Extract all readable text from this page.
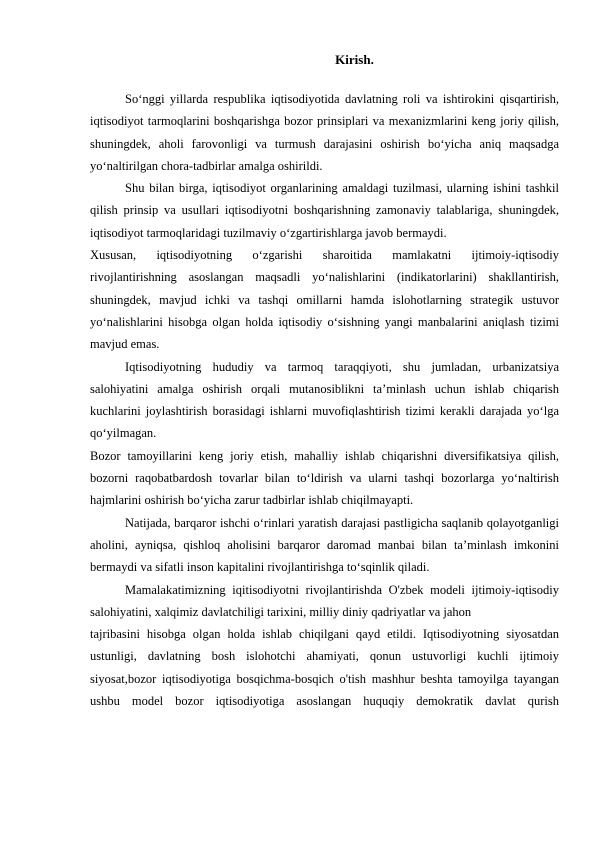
Kirish.

Soʻnggi yillarda respublika iqtisodiyotida davlatning roli va ishtirokini qisqartirish, iqtisodiyot tarmoqlarini boshqarishga bozor prinsiplari va mexanizmlarini keng joriy qilish, shuningdek, aholi farovonligi va turmush darajasini oshirish boʻyicha aniq maqsadga yoʻnaltirilgan chora-tadbirlar amalga oshirildi.

Shu bilan birga, iqtisodiyot organlarining amaldagi tuzilmasi, ularning ishini tashkil qilish prinsip va usullari iqtisodiyotni boshqarishning zamonaviy talablariga, shuningdek, iqtisodiyot tarmoqlaridagi tuzilmaviy oʻzgartirishlarga javob bermaydi.

Xususan, iqtisodiyotning oʻzgarishi sharoitida mamlakatni ijtimoiy-iqtisodiy rivojlantirishning asoslangan maqsadli yoʻnalishlarini (indikatorlarini) shakllantirish, shuningdek, mavjud ichki va tashqi omillarni hamda islohotlarning strategik ustuvor yoʻnalishlarini hisobga olgan holda iqtisodiy oʻsishning yangi manbalarini aniqlash tizimi mavjud emas.

Iqtisodiyotning hududiy va tarmoq taraqqiyoti, shu jumladan, urbanizatsiya salohiyatini amalga oshirish orqali mutanosiblikni taʼminlash uchun ishlab chiqarish kuchlarini joylashtirish borasidagi ishlarni muvofiqlashtirish tizimi kerakli darajada yoʻlga qoʻyilmagan.

Bozor tamoyillarini keng joriy etish, mahalliy ishlab chiqarishni diversifikatsiya qilish, bozorni raqobatbardosh tovarlar bilan toʻldirish va ularni tashqi bozorlarga yoʻnaltirish hajmlarini oshirish boʻyicha zarur tadbirlar ishlab chiqilmayapti.

Natijada, barqaror ishchi oʻrinlari yaratish darajasi pastligicha saqlanib qolayotganligi aholini, ayniqsa, qishloq aholisini barqaror daromad manbai bilan taʼminlash imkonini bermaydi va sifatli inson kapitalini rivojlantirishga toʻsqinlik qiladi.

Mamalakatimizning iqitisodiyotni rivojlantirishda O'zbek modeli ijtimoiy-iqtisodiy salohiyatini, xalqimiz davlatchiligi tarixini, milliy diniy qadriyatlar va jahon

tajribasini hisobga olgan holda ishlab chiqilgani qayd etildi. Iqtisodiyotning siyosatdan ustunligi, davlatning bosh islohotchi ahamiyati, qonun ustuvorligi kuchli ijtimoiy siyosat,bozor iqtisodiyotiga bosqichma-bosqich o'tish mashhur beshta tamoyilga tayangan ushbu model bozor iqtisodiyotiga asoslangan huquqiy demokratik davlat qurish
